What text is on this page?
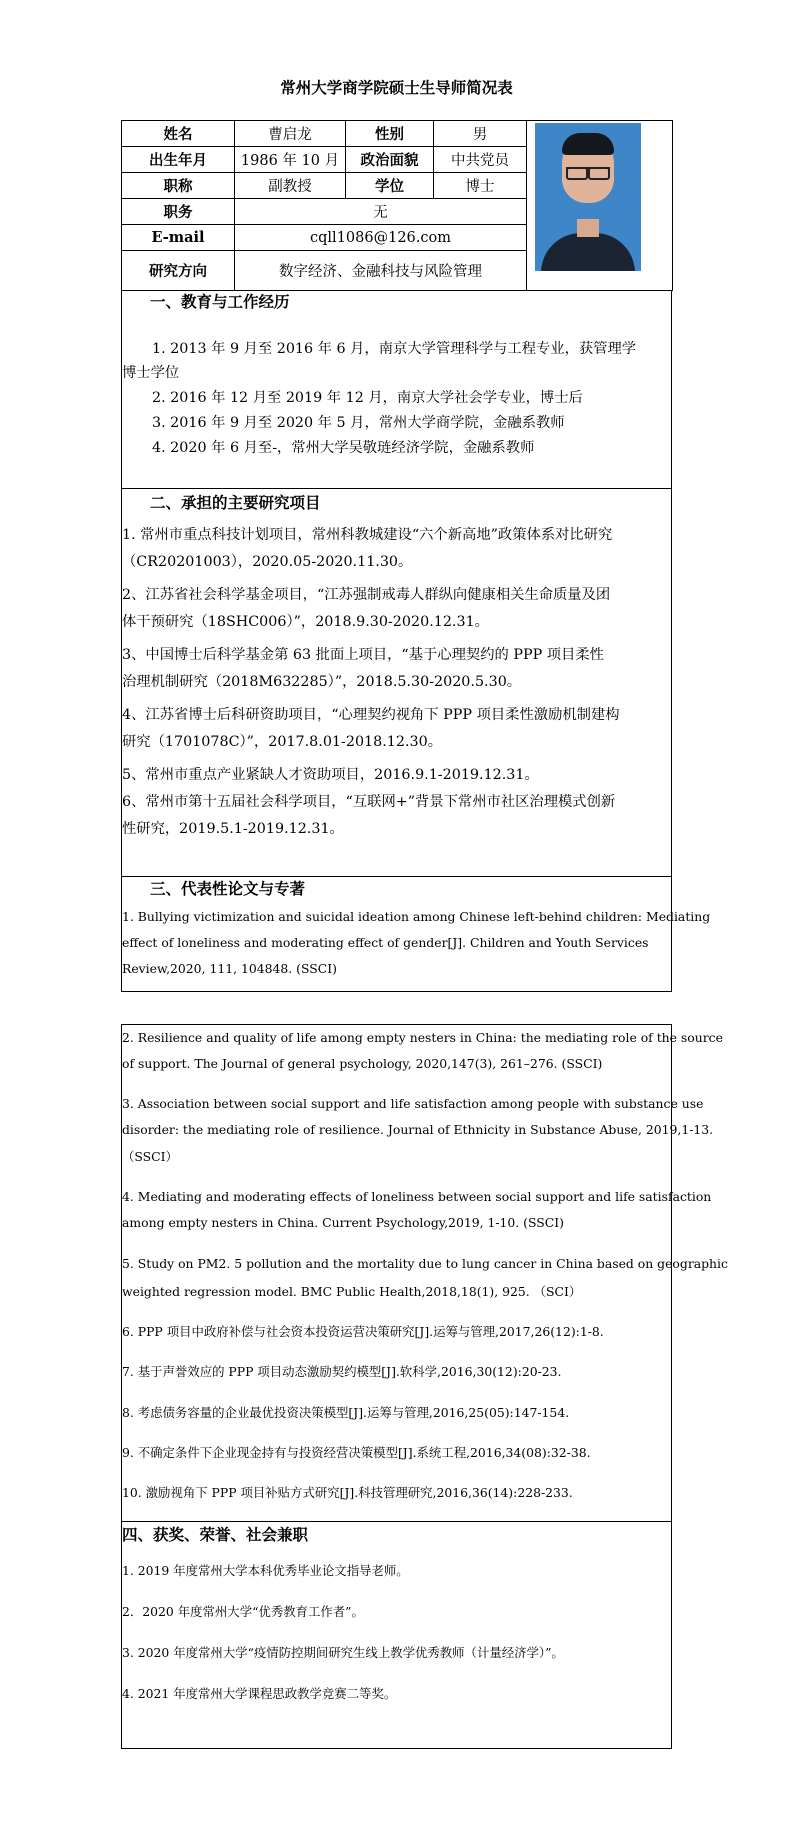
常州大学商学院硕士生导师简况表
姓名	曹启龙	性别	男	

出生年月	1986 年 10 月	政治面貌	中共党员	
职称	副教授	学位	博士	
职务	无			
E-mail	cqll1086@126.com			
研究方向	数字经济、金融科技与风险管理			
一、教育与工作经历
1. 2013 年 9 月至 2016 年 6 月，南京大学管理科学与工程专业，获管理学
博士学位
2. 2016 年 12 月至 2019 年 12 月，南京大学社会学专业，博士后
3. 2016 年 9 月至 2020 年 5 月，常州大学商学院，金融系教师
4. 2020 年 6 月至-，常州大学吴敬琏经济学院，金融系教师
二、承担的主要研究项目
1. 常州市重点科技计划项目，常州科教城建设“六个新高地”政策体系对比研究
（CR20201003），2020.05-2020.11.30。
2、江苏省社会科学基金项目，“江苏强制戒毒人群纵向健康相关生命质量及团
体干预研究（18SHC006）”，2018.9.30-2020.12.31。
3、中国博士后科学基金第 63 批面上项目，“基于心理契约的 PPP 项目柔性
治理机制研究（2018M632285）”，2018.5.30-2020.5.30。
4、江苏省博士后科研资助项目，“心理契约视角下 PPP 项目柔性激励机制建构
研究（1701078C）”，2017.8.01-2018.12.30。
5、常州市重点产业紧缺人才资助项目，2016.9.1-2019.12.31。
6、常州市第十五届社会科学项目，“互联网+”背景下常州市社区治理模式创新
性研究，2019.5.1-2019.12.31。
三、代表性论文与专著
1. Bullying victimization and suicidal ideation among Chinese left-behind children: Mediating
effect of loneliness and moderating effect of gender[J]. Children and Youth Services
Review,2020, 111, 104848. (SSCI)
2. Resilience and quality of life among empty nesters in China: the mediating role of the source
of support. The Journal of general psychology, 2020,147(3), 261–276. (SSCI)
3. Association between social support and life satisfaction among people with substance use
disorder: the mediating role of resilience. Journal of Ethnicity in Substance Abuse, 2019,1-13.
（SSCI）
4. Mediating and moderating effects of loneliness between social support and life satisfaction
among empty nesters in China. Current Psychology,2019, 1-10. (SSCI)
5. Study on PM2. 5 pollution and the mortality due to lung cancer in China based on geographic
weighted regression model. BMC Public Health,2018,18(1), 925. （SCI）
6. PPP 项目中政府补偿与社会资本投资运营决策研究[J].运筹与管理,2017,26(12):1-8.
7. 基于声誉效应的 PPP 项目动态激励契约模型[J].软科学,2016,30(12):20-23.
8. 考虑债务容量的企业最优投资决策模型[J].运筹与管理,2016,25(05):147-154.
9. 不确定条件下企业现金持有与投资经营决策模型[J].系统工程,2016,34(08):32-38.
10. 激励视角下 PPP 项目补贴方式研究[J].科技管理研究,2016,36(14):228-233.
四、获奖、荣誉、社会兼职
1. 2019 年度常州大学本科优秀毕业论文指导老师。
2．2020 年度常州大学“优秀教育工作者”。
3. 2020 年度常州大学“疫情防控期间研究生线上教学优秀教师（计量经济学）”。
4. 2021 年度常州大学课程思政教学竞赛二等奖。
